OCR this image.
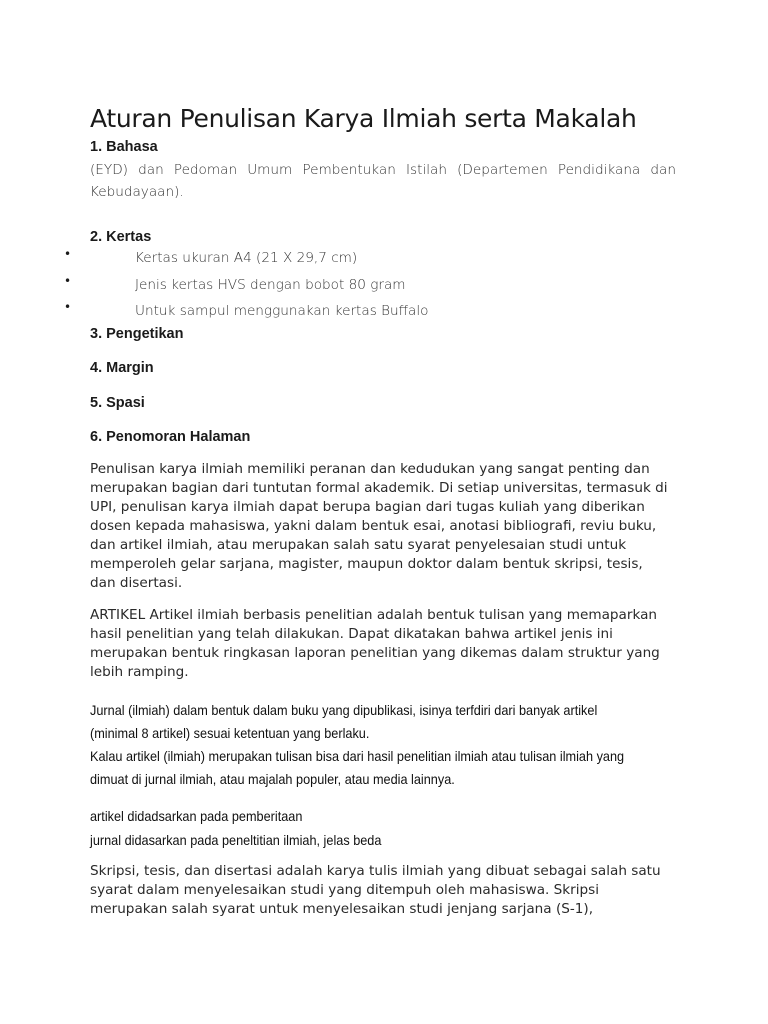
Aturan Penulisan Karya Ilmiah serta Makalah
1. Bahasa

(EYD) dan Pedoman Umum Pembentukan Istilah (Departemen Pendidikana dan Kebudayaan).

2. Kertas
•	Kertas ukuran A4 (21 X 29,7 cm)
•	Jenis kertas HVS dengan bobot 80 gram
•	Untuk sampul menggunakan kertas Buffalo
3. Pengetikan
4. Margin
5. Spasi
6. Penomoran Halaman

Penulisan karya ilmiah memiliki peranan dan kedudukan yang sangat penting dan
merupakan bagian dari tuntutan formal akademik. Di setiap universitas, termasuk di
UPI, penulisan karya ilmiah dapat berupa bagian dari tugas kuliah yang diberikan
dosen kepada mahasiswa, yakni dalam bentuk esai, anotasi bibliografi, reviu buku,
dan artikel ilmiah, atau merupakan salah satu syarat penyelesaian studi untuk
memperoleh gelar sarjana, magister, maupun doktor dalam bentuk skripsi, tesis,
dan disertasi.

ARTIKEL Artikel ilmiah berbasis penelitian adalah bentuk tulisan yang memaparkan
hasil penelitian yang telah dilakukan. Dapat dikatakan bahwa artikel jenis ini
merupakan bentuk ringkasan laporan penelitian yang dikemas dalam struktur yang
lebih ramping.

Jurnal (ilmiah) dalam bentuk dalam buku yang dipublikasi, isinya terfdiri dari banyak artikel
(minimal 8 artikel) sesuai ketentuan yang berlaku.
Kalau artikel (ilmiah) merupakan tulisan bisa dari hasil penelitian ilmiah atau tulisan ilmiah yang
dimuat di jurnal ilmiah, atau majalah populer, atau media lainnya.
artikel didadsarkan pada pemberitaan
jurnal didasarkan pada peneltitian ilmiah, jelas beda

Skripsi, tesis, dan disertasi adalah karya tulis ilmiah yang dibuat sebagai salah satu
syarat dalam menyelesaikan studi yang ditempuh oleh mahasiswa. Skripsi
merupakan salah syarat untuk menyelesaikan studi jenjang sarjana (S-1),
